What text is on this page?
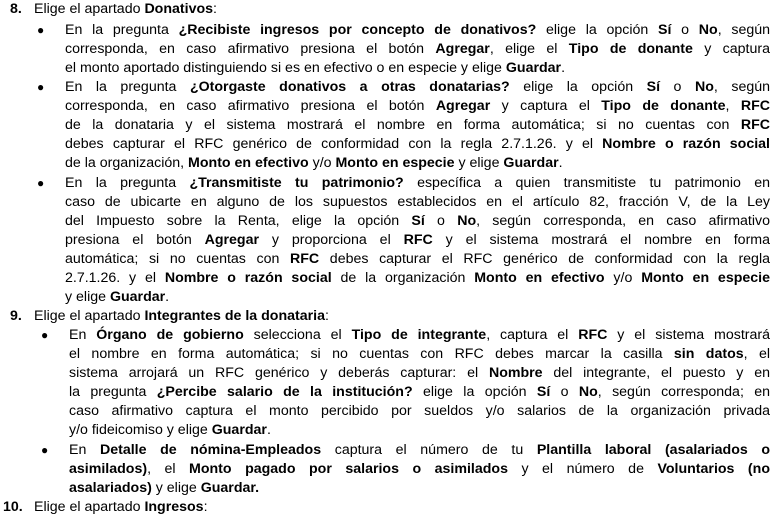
8. Elige el apartado Donativos:
● En la pregunta ¿Recibiste ingresos por concepto de donativos? elige la opción Sí o No, según
corresponda, en caso afirmativo presiona el botón Agregar, elige el Tipo de donante y captura
el monto aportado distinguiendo si es en efectivo o en especie y elige Guardar.
● En la pregunta ¿Otorgaste donativos a otras donatarias? elige la opción Sí o No, según
corresponda, en caso afirmativo presiona el botón Agregar y captura el Tipo de donante, RFC
de la donataria y el sistema mostrará el nombre en forma automática; si no cuentas con RFC
debes capturar el RFC genérico de conformidad con la regla 2.7.1.26. y el Nombre o razón social
de la organización, Monto en efectivo y/o Monto en especie y elige Guardar.
● En la pregunta ¿Transmitiste tu patrimonio? específica a quien transmitiste tu patrimonio en
caso de ubicarte en alguno de los supuestos establecidos en el artículo 82, fracción V, de la Ley
del Impuesto sobre la Renta, elige la opción Sí o No, según corresponda, en caso afirmativo
presiona el botón Agregar y proporciona el RFC y el sistema mostrará el nombre en forma
automática; si no cuentas con RFC debes capturar el RFC genérico de conformidad con la regla
2.7.1.26. y el Nombre o razón social de la organización Monto en efectivo y/o Monto en especie
y elige Guardar.
9. Elige el apartado Integrantes de la donataria:
● En Órgano de gobierno selecciona el Tipo de integrante, captura el RFC y el sistema mostrará
el nombre en forma automática; si no cuentas con RFC debes marcar la casilla sin datos, el
sistema arrojará un RFC genérico y deberás capturar: el Nombre del integrante, el puesto y en
la pregunta ¿Percibe salario de la institución? elige la opción Sí o No, según corresponda; en
caso afirmativo captura el monto percibido por sueldos y/o salarios de la organización privada
y/o fideicomiso y elige Guardar.
● En Detalle de nómina-Empleados captura el número de tu Plantilla laboral (asalariados o
asimilados), el Monto pagado por salarios o asimilados y el número de Voluntarios (no
asalariados) y elige Guardar.
10. Elige el apartado Ingresos:
